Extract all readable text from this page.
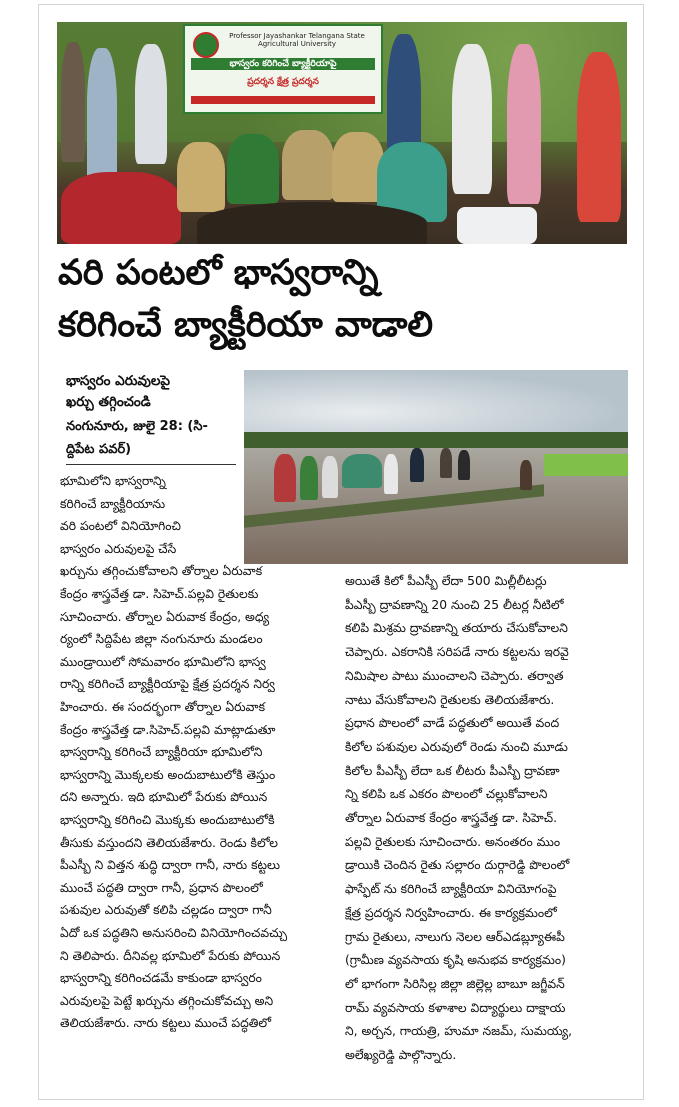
Professor Jayashankar Telangana State Agricultural University
భాస్వరం కరిగించే బ్యాక్టీరియాపై
ప్రదర్శన క్షేత్ర ప్రదర్శన
వరి పంటలో భాస్వరాన్ని
కరిగించే బ్యాక్టీరియా వాడాలి
భాస్వరం ఎరువులపై
ఖర్చు తగ్గించండి
నంగునూరు, జులై 28: (సి-
ద్దిపేట పవర్)
భూమిలోని భాస్వరాన్ని
కరిగించే బ్యాక్టీరియాను
వరి పంటలో వినియోగించి
భాస్వరం ఎరువులపై చేసే
ఖర్చును తగ్గించుకోవాలని తోర్నాల ఏరువాక
కేంద్రం శాస్త్రవేత్త డా. సిహెచ్.పల్లవి రైతులకు
సూచించారు. తోర్నాల ఏరువాక కేంద్రం, అధ్య
ర్యంలో సిద్దిపేట జిల్లా నంగునూరు మండలం
ముండ్రాయిలో సోమవారం భూమిలోని భాస్వ
రాన్ని కరిగించే బ్యాక్టీరియాపై క్షేత్ర ప్రదర్శన నిర్వ
హించారు. ఈ సందర్భంగా తోర్నాల ఏరువాక
కేంద్రం శాస్త్రవేత్త డా.సిహెచ్.పల్లవి మాట్లాడుతూ
భాస్వరాన్ని కరిగించే బ్యాక్టీరియా భూమిలోని
భాస్వరాన్ని మొక్కలకు అందుబాటులోకి తెస్తుం
దని అన్నారు. ఇది భూమిలో పేరుకు పోయిన
భాస్వరాన్ని కరిగించి మొక్కకు అందుబాటులోకి
తీసుకు వస్తుందని తెలియజేశారు. రెండు కిలోల
పీఎస్బీ ని విత్తన శుద్ధి ద్వారా గానీ, నారు కట్టలు
ముంచే పద్ధతి ద్వారా గానీ, ప్రధాన పొలంలో
పశువుల ఎరువుతో కలిపి చల్లడం ద్వారా గానీ
ఏదో ఒక పద్ధతిని అనుసరించి వినియోగించవచ్చు
ని తెలిపారు. దీనివల్ల భూమిలో పేరుకు పోయిన
భాస్వరాన్ని కరిగించడమే కాకుండా భాస్వరం
ఎరువులపై పెట్టే ఖర్చును తగ్గించుకోవచ్చు అని
తెలియజేశారు. నారు కట్టలు ముంచే పద్ధతిలో
అయితే కిలో పీఎస్బీ లేదా 500 మిల్లీలీటర్లు
పీఎస్బీ ద్రావణాన్ని 20 నుంచి 25 లీటర్ల నీటిలో
కలిపి మిశ్రమ ద్రావణాన్ని తయారు చేసుకోవాలని
చెప్పారు. ఎకరానికి సరిపడే నారు కట్టలను ఇరవై
నిమిషాల పాటు ముంచాలని చెప్పారు. తర్వాత
నాటు వేసుకోవాలని రైతులకు తెలియజేశారు.
ప్రధాన పొలంలో వాడే పద్ధతులో అయితే వంద
కిలోల పశువుల ఎరువులో రెండు నుంచి మూడు
కిలోల పీఎస్బీ లేదా ఒక లీటరు పీఎస్బీ ద్రావణా
న్ని కలిపి ఒక ఎకరం పొలంలో చల్లుకోవాలని
తోర్నాల ఏరువాక కేంద్రం శాస్త్రవేత్త డా. సిహెచ్.
పల్లవి రైతులకు సూచించారు. అనంతరం ముం
డ్రాయికి చెందిన రైతు సల్లారం దుర్గారెడ్డి పొలంలో
ఫాస్ఫేట్ ను కరిగించే బ్యాక్టీరియా వినియోగంపై
క్షేత్ర ప్రదర్శన నిర్వహించారు. ఈ కార్యక్రమంలో
గ్రామ రైతులు, నాలుగు నెలల ఆర్ఎడబ్ల్యూఈపీ
(గ్రామీణ వ్యవసాయ కృషి అనుభవ కార్యక్రమం)
లో భాగంగా సిరిసిల్ల జిల్లా జిల్లెల్ల బాబూ జగ్జీవన్
రామ్ వ్యవసాయ కళాశాల విద్యార్థులు దాక్షాయ
ని, అర్చన, గాయత్రి, హుమా నజమ్, సుమయ్య,
అలేఖ్యరెడ్డి పాల్గొన్నారు.
